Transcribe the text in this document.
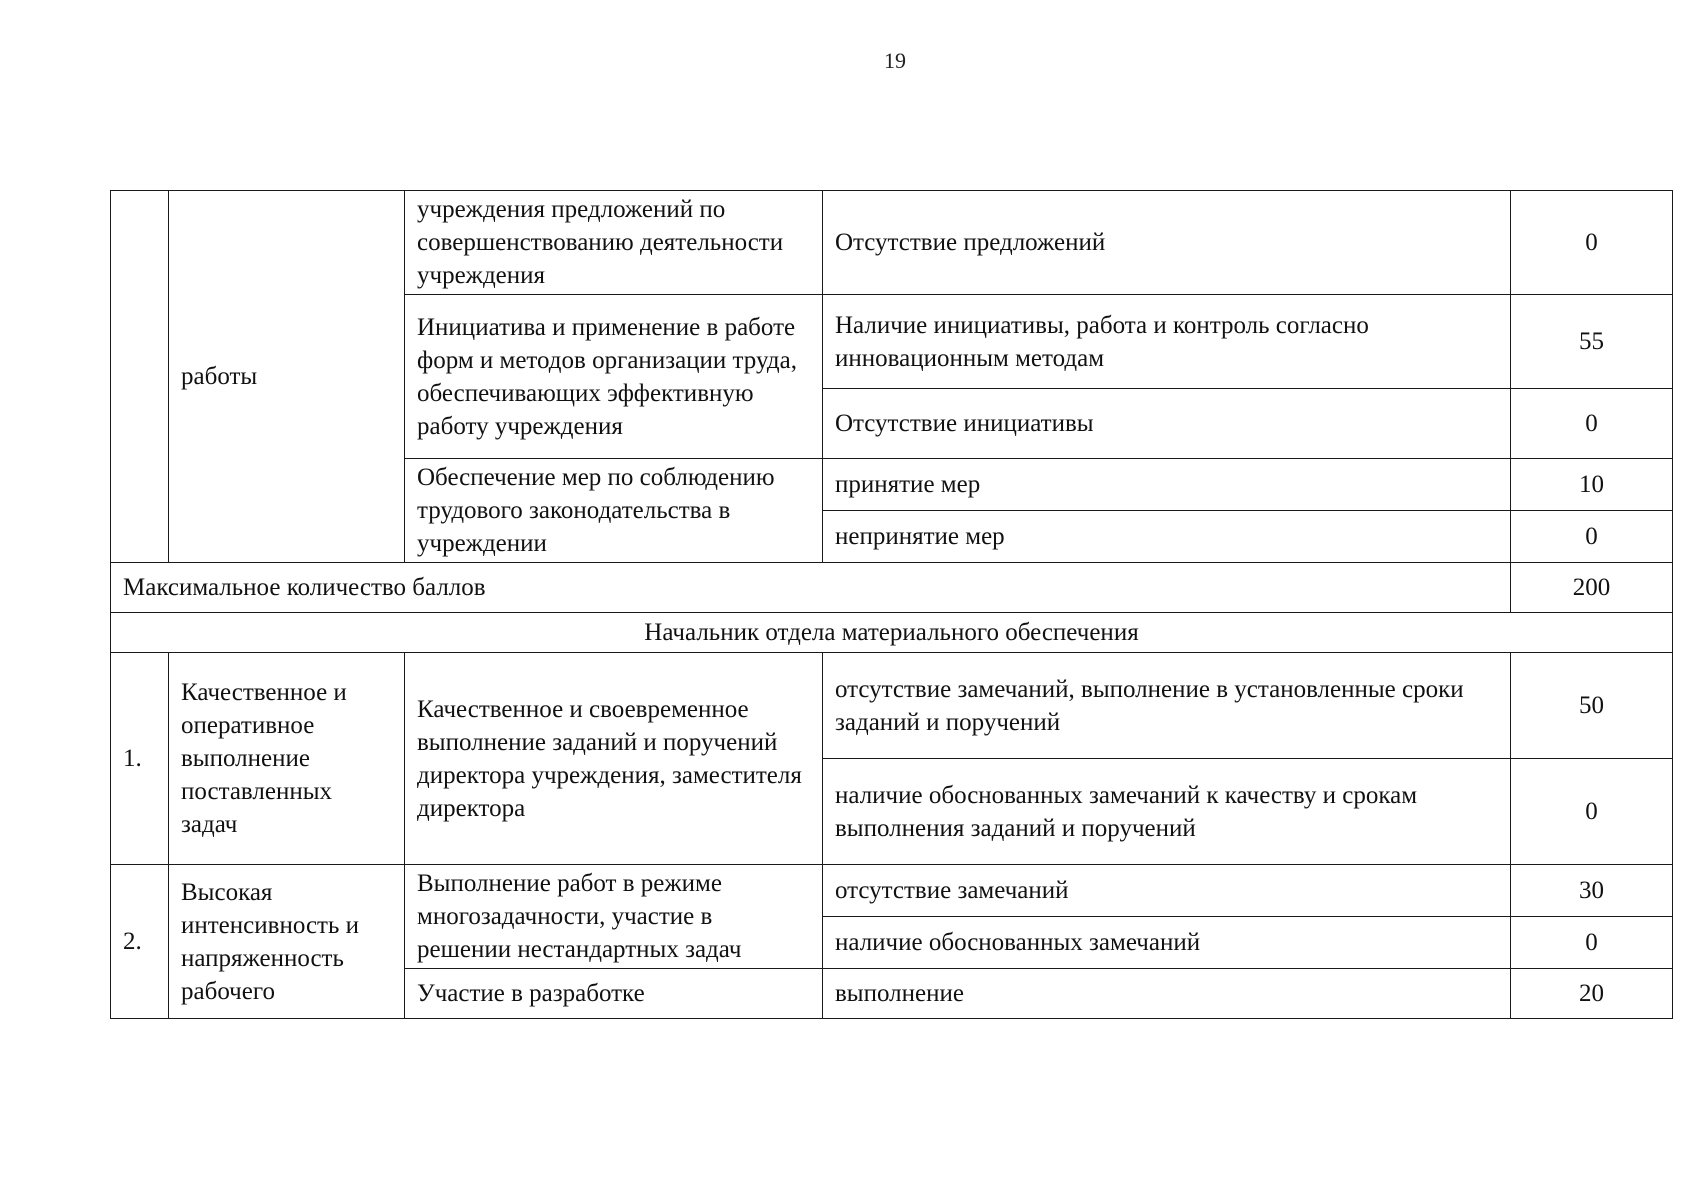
19
	работы	учреждения предложений по совершенствованию деятельности учреждения	Отсутствие предложений	0
		Инициатива и применение в работе форм и методов организации труда, обеспечивающих эффективную работу учреждения	Наличие инициативы, работа и контроль согласно инновационным методам	55
			Отсутствие инициативы	0
		Обеспечение мер по соблюдению трудового законодательства в учреждении	принятие мер	10
			непринятие мер	0
Максимальное количество баллов				200
Начальник отдела материального обеспечения				
1.	Качественное и оперативное выполнение поставленных задач	Качественное и своевременное выполнение заданий и поручений директора учреждения, заместителя директора	отсутствие замечаний, выполнение в установленные сроки заданий и поручений	50
			наличие обоснованных замечаний к качеству и срокам выполнения заданий и поручений	0
2.	Высокая интенсивность и напряженность рабочего	Выполнение работ в режиме многозадачности, участие в решении нестандартных задач	отсутствие замечаний	30
			наличие обоснованных замечаний	0
		Участие в разработке	выполнение	20
